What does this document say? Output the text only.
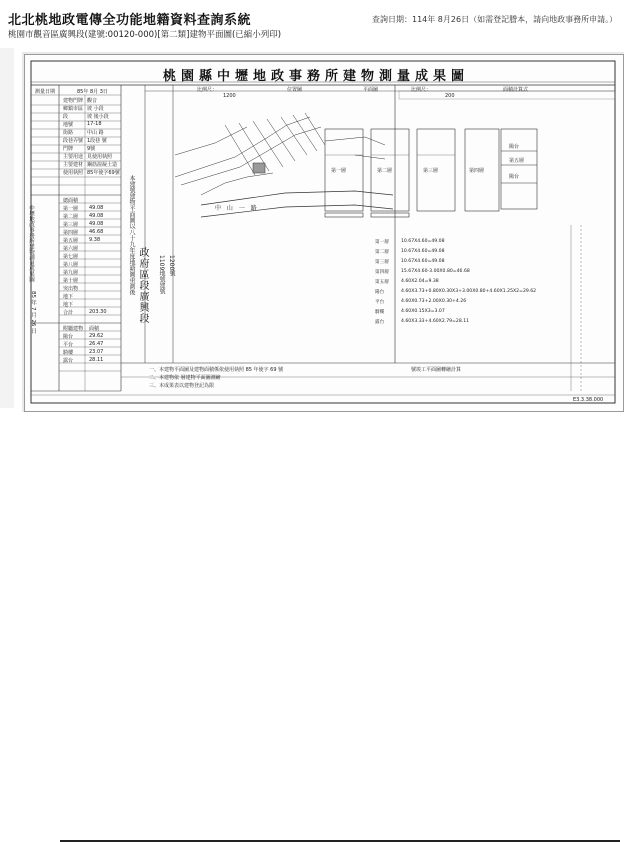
北北桃地政電傳全功能地籍資料查詢系統	查詢日期：114年 8月26日（如需登記謄本，請向地政事務所申請。）
桃園市觀音區廣興段(建號:00120-000)[第二類]建物平面圖(已縮小列印)
桃園縣中壢地政事務所建物測量成果圖
比例尺：
1200
平面圖	比例尺：
200
面積計算式
位置圖
測量日期	85年 8月 3日
建物門牌 觀音
鄉鎮市區 坡 小段
段	坡 後小段
地號	17-18
街路	中山 路
段巷弄號 1段巷 號
門牌	9號
主要用途 見使用執照
主要建材 鋼筋混凝土造
使用執照 85年使字69號
總面積
第一層 49.08
第二層 49.08
第三層 49.08
第四層 46.68
第五層 9.38
第六層
第七層
第八層
第九層
第十層
突出物
地下
地下
合計	203.30
附屬建物 面積
陽台	29.62
平台	26.47
騎樓	23.07
露台	28.11
中壢地政事務所建物測量成果圖
85 年 7 月 26 日
本建號建物平面圖以八十九年度地籍圖重測後 政府區段廣興段	1109地號建號 1200號
中 山 一 路
第一層	第二層	第三層	第四層
陽台
第五層
陽台
第一層	10.67X4.60=49.08
第二層	10.67X4.60=49.08
第三層	10.67X4.60=49.08
第四層	15.67X4.60-3.00X0.80=46.68
第五層	4.60X2.04=9.38
陽台	4.60X3.73+0.80X0.30X3+3.00X0.80+4.60X1.25X2=29.62
平台	4.60X0.73+2.00X0.30+4.26
騎樓	4.60X0.15X3=3.07
露台	4.60X3.33+4.60X2.79=28.11
一、本建物平面圖及建物面積係依使用執照 85 年使字 69 號
二、本建物依 層建物平面圖測繪
三、本成果表以建物登記為限
號竣工平面圖轉繪計算
E3.3.38.000
